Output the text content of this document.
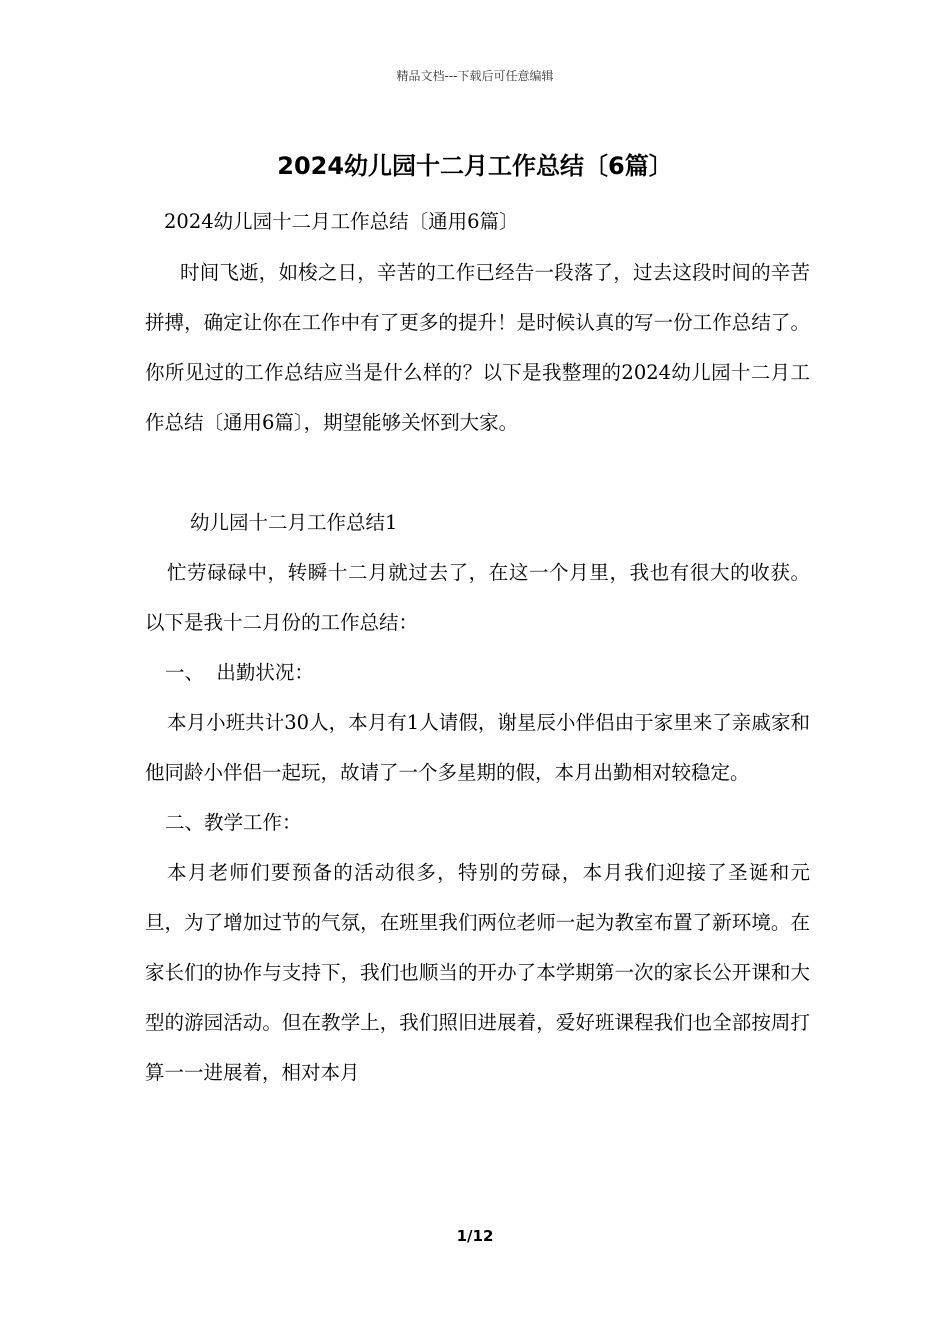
精品文档---下载后可任意编辑
2024幼儿园十二月工作总结〔6篇〕

2024幼儿园十二月工作总结〔通用6篇〕

时间飞逝，如梭之日，辛苦的工作已经告一段落了，过去这段时间的辛苦拼搏，确定让你在工作中有了更多的提升！是时候认真的写一份工作总结了。你所见过的工作总结应当是什么样的？以下是我整理的2024幼儿园十二月工作总结〔通用6篇〕，期望能够关怀到大家。

幼儿园十二月工作总结1

忙劳碌碌中，转瞬十二月就过去了，在这一个月里，我也有很大的收获。以下是我十二月份的工作总结：

一、  出勤状况：

本月小班共计30人，本月有1人请假，谢星辰小伴侣由于家里来了亲戚家和他同龄小伴侣一起玩，故请了一个多星期的假，本月出勤相对较稳定。

二、教学工作：

本月老师们要预备的活动很多，特别的劳碌，本月我们迎接了圣诞和元旦，为了增加过节的气氛，在班里我们两位老师一起为教室布置了新环境。在家长们的协作与支持下，我们也顺当的开办了本学期第一次的家长公开课和大型的游园活动。但在教学上，我们照旧进展着，爱好班课程我们也全部按周打算一一进展着，相对本月

1/12
